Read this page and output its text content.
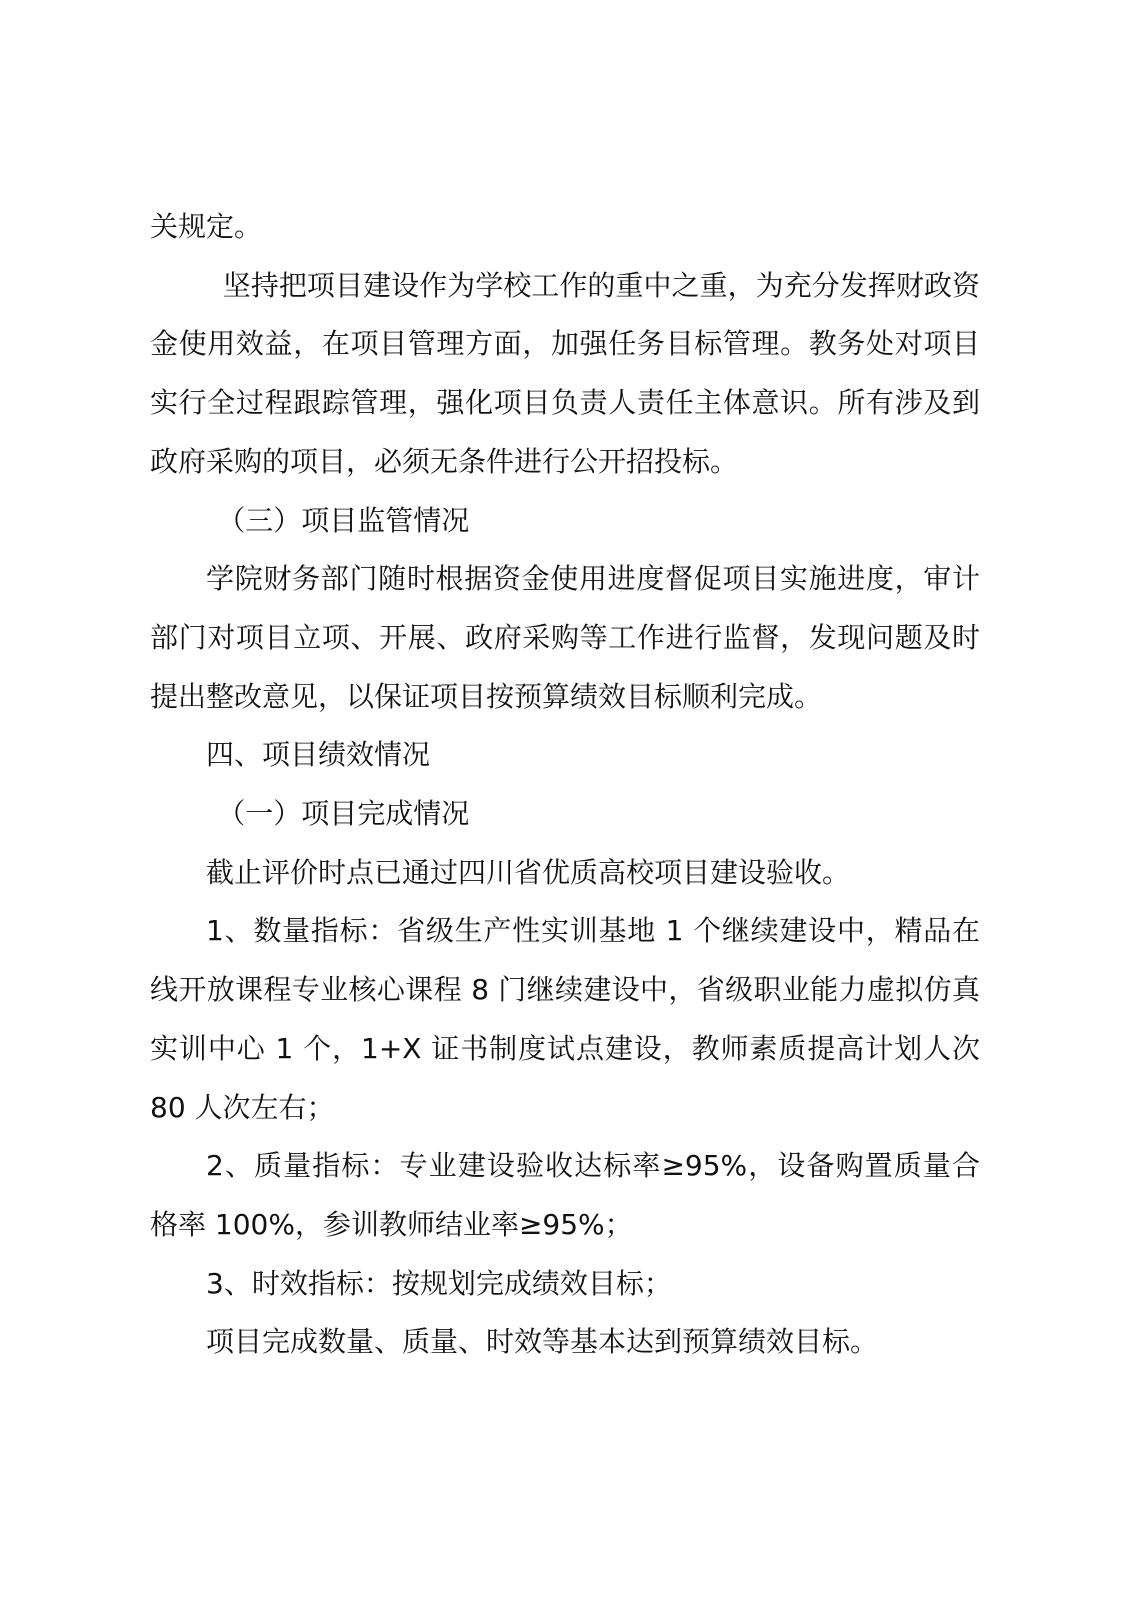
关规定。

坚持把项目建设作为学校工作的重中之重，为充分发挥财政资金使用效益，在项目管理方面，加强任务目标管理。教务处对项目实行全过程跟踪管理，强化项目负责人责任主体意识。所有涉及到政府采购的项目，必须无条件进行公开招投标。

（三）项目监管情况

学院财务部门随时根据资金使用进度督促项目实施进度，审计部门对项目立项、开展、政府采购等工作进行监督，发现问题及时提出整改意见，以保证项目按预算绩效目标顺利完成。

四、项目绩效情况

（一）项目完成情况

截止评价时点已通过四川省优质高校项目建设验收。

1、数量指标：省级生产性实训基地 1 个继续建设中，精品在线开放课程专业核心课程 8 门继续建设中，省级职业能力虚拟仿真实训中心 1 个，1+X 证书制度试点建设，教师素质提高计划人次 80 人次左右；

2、质量指标：专业建设验收达标率≥95%，设备购置质量合格率 100%，参训教师结业率≥95%；

3、时效指标：按规划完成绩效目标；

项目完成数量、质量、时效等基本达到预算绩效目标。
